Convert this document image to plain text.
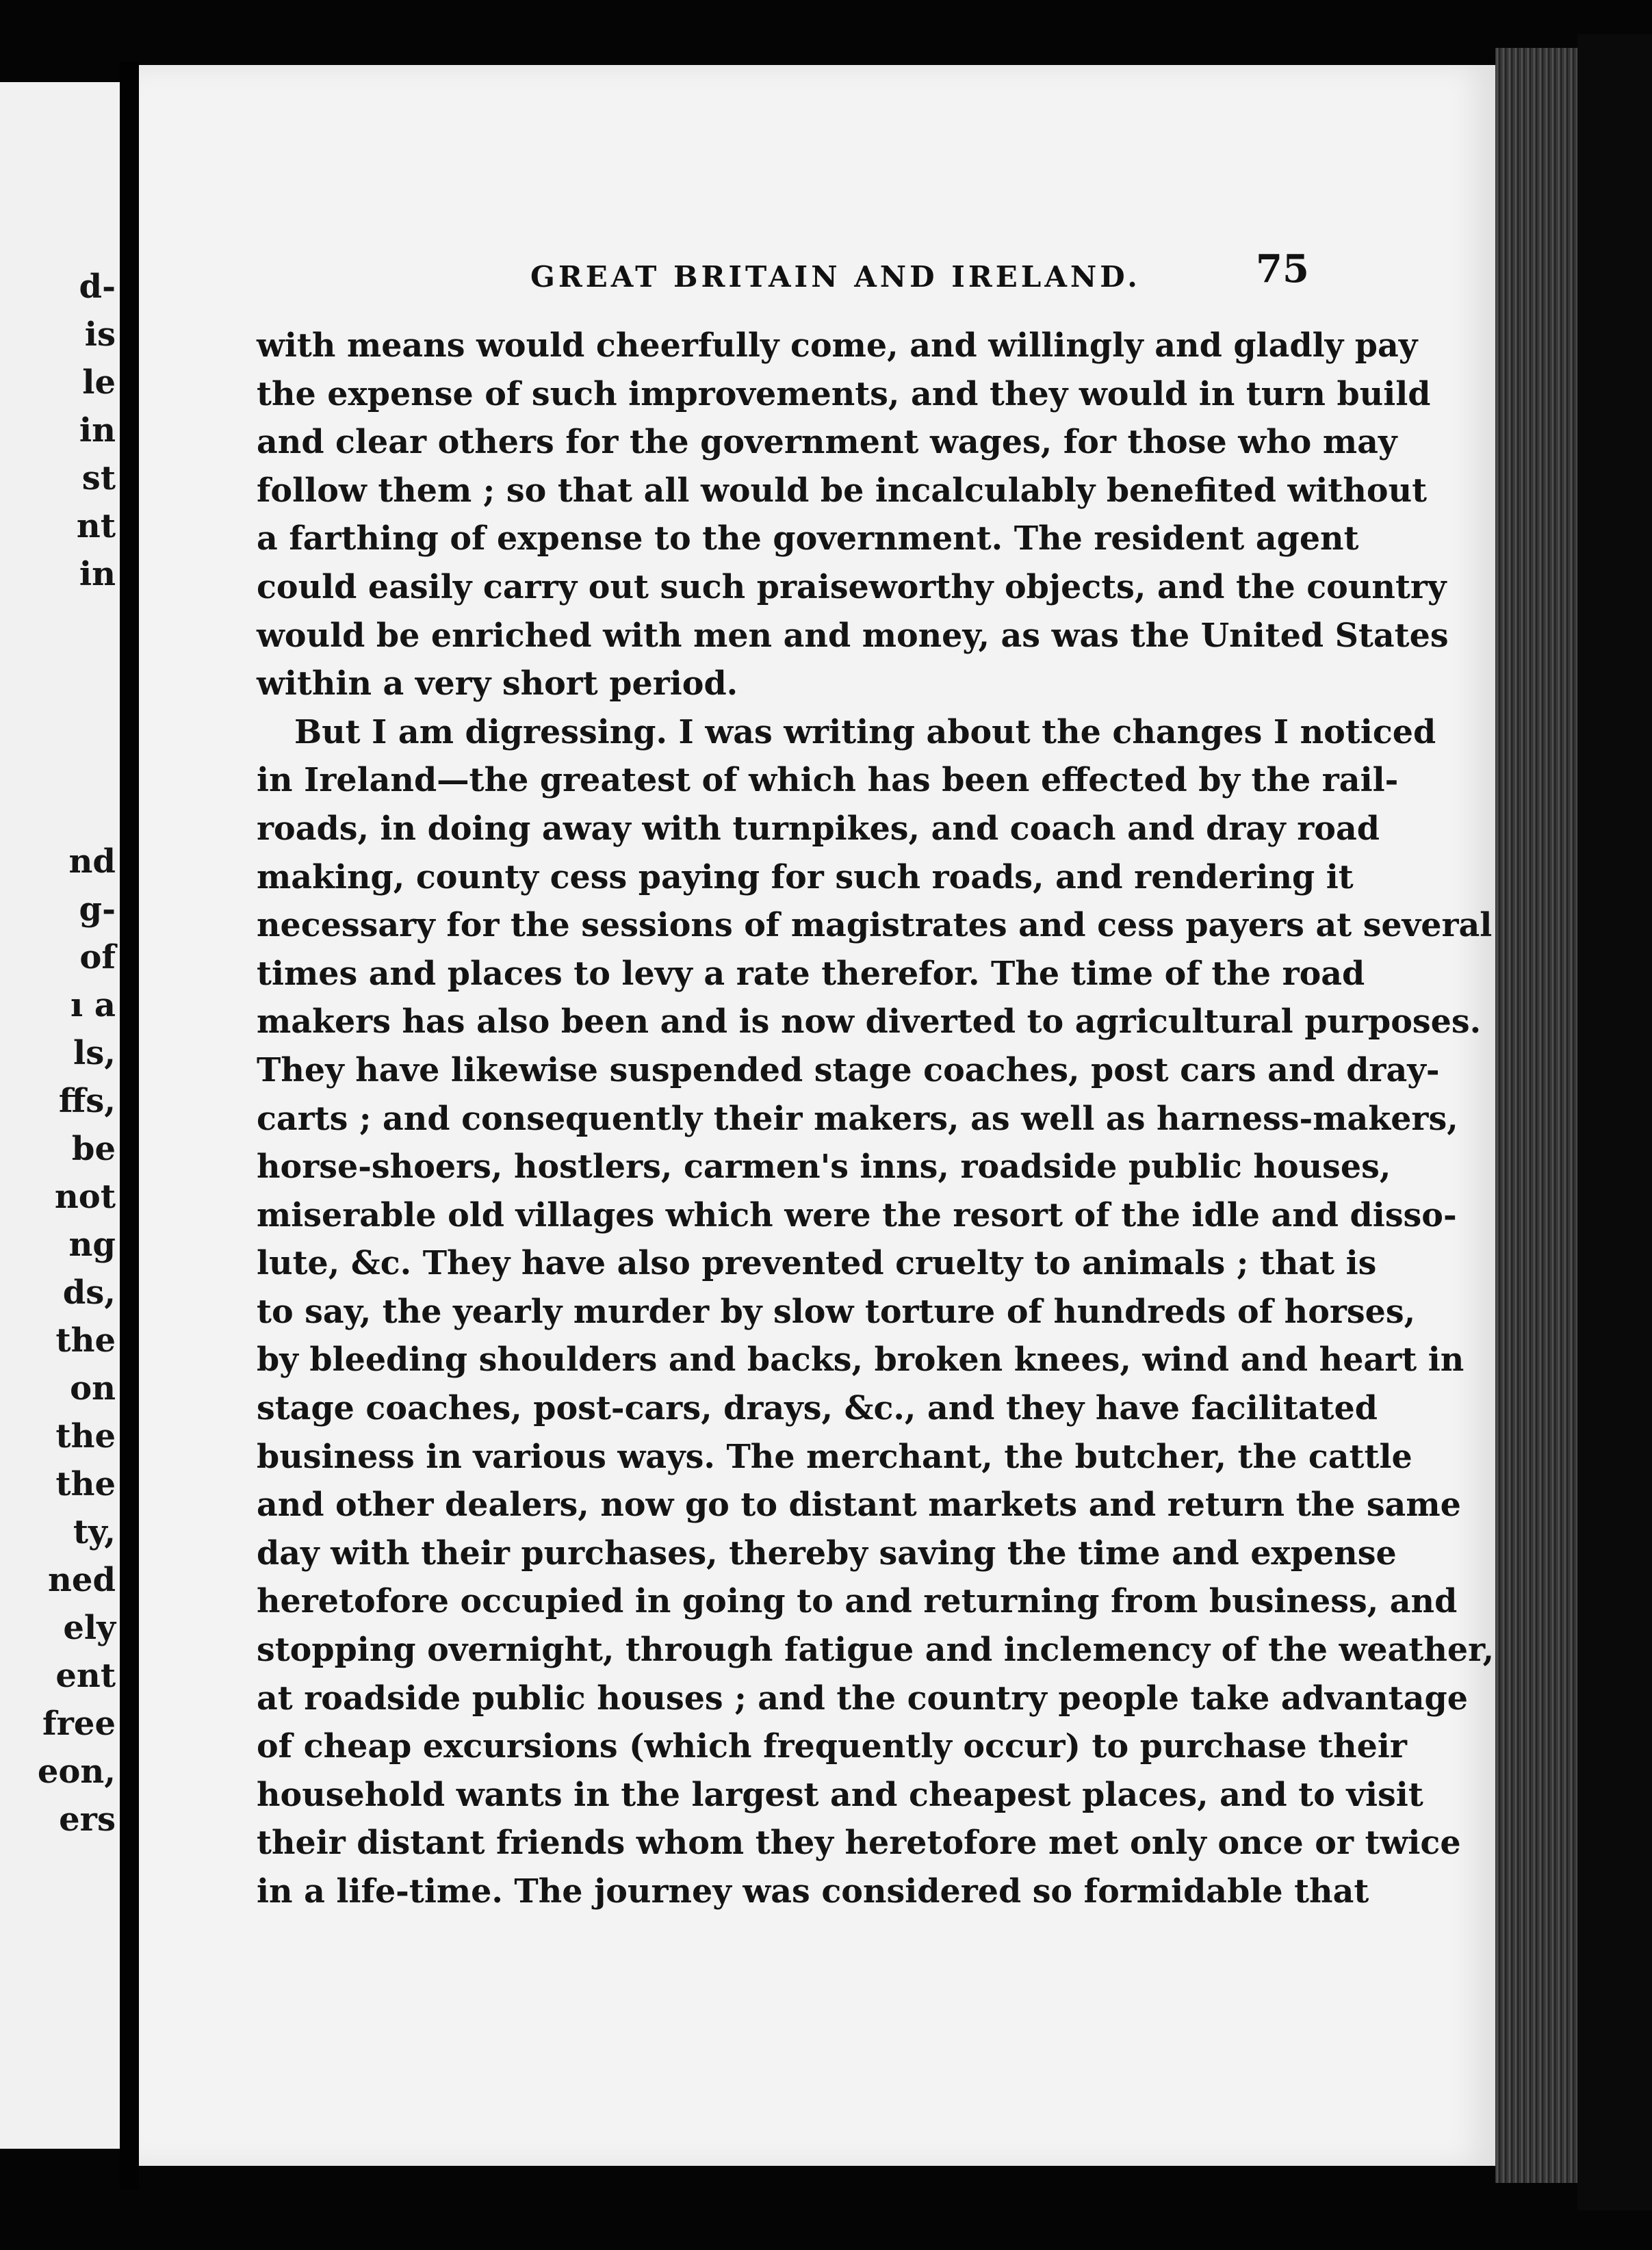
d-
is
le
in
st
nt
in
nd
g-
of
ı a
ls,
ffs,
be
not
ng
ds,
the
on
the
the
ty,
ned
ely
ent
free
eon,
ers
GREAT BRITAIN AND IRELAND.	75
with means would cheerfully come, and willingly and gladly pay
the expense of such improvements, and they would in turn build
and clear others for the government wages, for those who may
follow them ; so that all would be incalculably benefited without
a farthing of expense to the government. The resident agent
could easily carry out such praiseworthy objects, and the country
would be enriched with men and money, as was the United States
within a very short period.
But I am digressing. I was writing about the changes I noticed
in Ireland—the greatest of which has been effected by the rail-
roads, in doing away with turnpikes, and coach and dray road
making, county cess paying for such roads, and rendering it
necessary for the sessions of magistrates and cess payers at several
times and places to levy a rate therefor. The time of the road
makers has also been and is now diverted to agricultural purposes.
They have likewise suspended stage coaches, post cars and dray-
carts ; and consequently their makers, as well as harness-makers,
horse-shoers, hostlers, carmen's inns, roadside public houses,
miserable old villages which were the resort of the idle and disso-
lute, &c. They have also prevented cruelty to animals ; that is
to say, the yearly murder by slow torture of hundreds of horses,
by bleeding shoulders and backs, broken knees, wind and heart in
stage coaches, post-cars, drays, &c., and they have facilitated
business in various ways. The merchant, the butcher, the cattle
and other dealers, now go to distant markets and return the same
day with their purchases, thereby saving the time and expense
heretofore occupied in going to and returning from business, and
stopping overnight, through fatigue and inclemency of the weather,
at roadside public houses ; and the country people take advantage
of cheap excursions (which frequently occur) to purchase their
household wants in the largest and cheapest places, and to visit
their distant friends whom they heretofore met only once or twice
in a life-time. The journey was considered so formidable that
